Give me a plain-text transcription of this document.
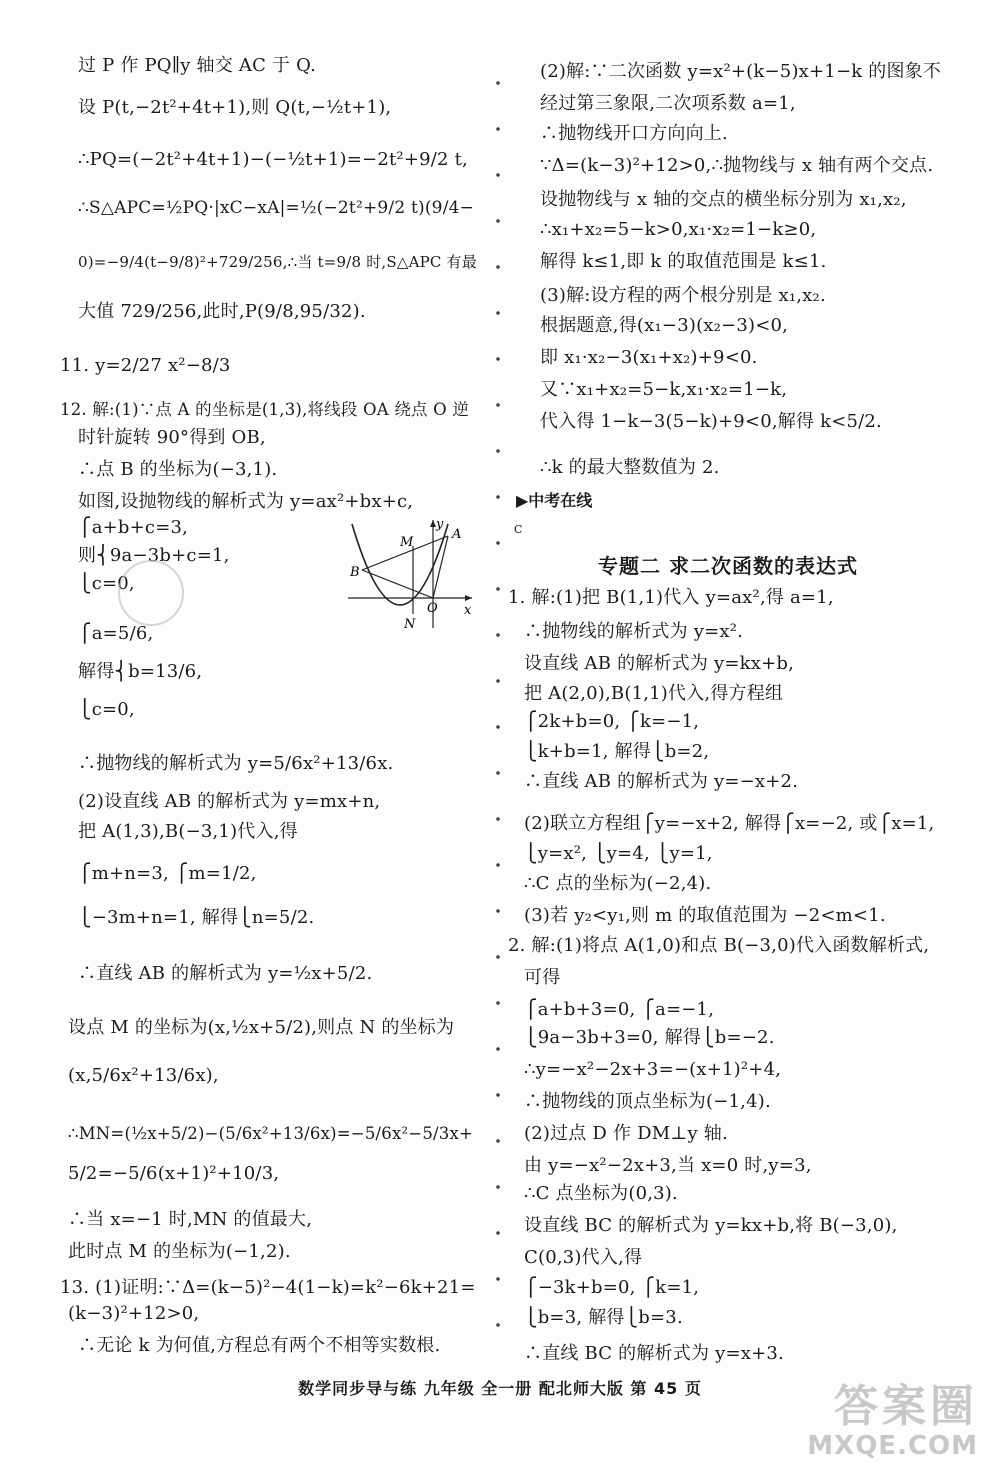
过 P 作 PQ∥y 轴交 AC 于 Q.
设 P(t,−2t²+4t+1),则 Q(t,−½t+1),
∴PQ=(−2t²+4t+1)−(−½t+1)=−2t²+9/2 t,
∴S△APC=½PQ·|xC−xA|=½(−2t²+9/2 t)(9/4−
0)=−9/4(t−9/8)²+729/256,∴当 t=9/8 时,S△APC 有最
大值 729/256,此时,P(9/8,95/32).
11. y=2/27 x²−8/3
12. 解:(1)∵点 A 的坐标是(1,3),将线段 OA 绕点 O 逆
时针旋转 90°得到 OB,
∴点 B 的坐标为(−3,1).
如图,设抛物线的解析式为 y=ax²+bx+c,
⎧a+b+c=3,
则⎨9a−3b+c=1,
⎩c=0,
⎧a=5/6,
解得⎨b=13/6,
⎩c=0,
∴抛物线的解析式为 y=5/6x²+13/6x.
(2)设直线 AB 的解析式为 y=mx+n,
把 A(1,3),B(−3,1)代入,得
⎧m+n=3, ⎧m=1/2,
⎩−3m+n=1, 解得⎩n=5/2.
∴直线 AB 的解析式为 y=½x+5/2.
设点 M 的坐标为(x,½x+5/2),则点 N 的坐标为
(x,5/6x²+13/6x),
∴MN=(½x+5/2)−(5/6x²+13/6x)=−5/6x²−5/3x+
5/2=−5/6(x+1)²+10/3,
∴当 x=−1 时,MN 的值最大,
此时点 M 的坐标为(−1,2).
13. (1)证明:∵Δ=(k−5)²−4(1−k)=k²−6k+21=
(k−3)²+12>0,
∴无论 k 为何值,方程总有两个不相等实数根.
(2)解:∵二次函数 y=x²+(k−5)x+1−k 的图象不
经过第三象限,二次项系数 a=1,
∴抛物线开口方向向上.
∵Δ=(k−3)²+12>0,∴抛物线与 x 轴有两个交点.
设抛物线与 x 轴的交点的横坐标分别为 x₁,x₂,
∴x₁+x₂=5−k>0,x₁·x₂=1−k≥0,
解得 k≤1,即 k 的取值范围是 k≤1.
(3)解:设方程的两个根分别是 x₁,x₂.
根据题意,得(x₁−3)(x₂−3)<0,
即 x₁·x₂−3(x₁+x₂)+9<0.
又∵x₁+x₂=5−k,x₁·x₂=1−k,
代入得 1−k−3(5−k)+9<0,解得 k<5/2.
∴k 的最大整数值为 2.
1. 解:(1)把 B(1,1)代入 y=ax²,得 a=1,
∴抛物线的解析式为 y=x².
设直线 AB 的解析式为 y=kx+b,
把 A(2,0),B(1,1)代入,得方程组
⎧2k+b=0, ⎧k=−1,
⎩k+b=1, 解得⎩b=2,
∴直线 AB 的解析式为 y=−x+2.
(2)联立方程组⎧y=−x+2, 解得⎧x=−2, 或⎧x=1,
⎩y=x², ⎩y=4, ⎩y=1,
∴C 点的坐标为(−2,4).
(3)若 y₂<y₁,则 m 的取值范围为 −2<m<1.
2. 解:(1)将点 A(1,0)和点 B(−3,0)代入函数解析式,
可得
⎧a+b+3=0, ⎧a=−1,
⎩9a−3b+3=0, 解得⎩b=−2.
∴y=−x²−2x+3=−(x+1)²+4,
∴抛物线的顶点坐标为(−1,4).
(2)过点 D 作 DM⊥y 轴.
由 y=−x²−2x+3,当 x=0 时,y=3,
∴C 点坐标为(0,3).
设直线 BC 的解析式为 y=kx+b,将 B(−3,0),
C(0,3)代入,得
⎧−3k+b=0, ⎧k=1,
⎩b=3, 解得⎩b=3.
∴直线 BC 的解析式为 y=x+3.
▶中考在线
C
专题二 求二次函数的表达式
y
x
A
M
B
O
N
数学同步导与练 九年级 全一册 配北师大版 第 45 页	答案圈
MXQE.COM
